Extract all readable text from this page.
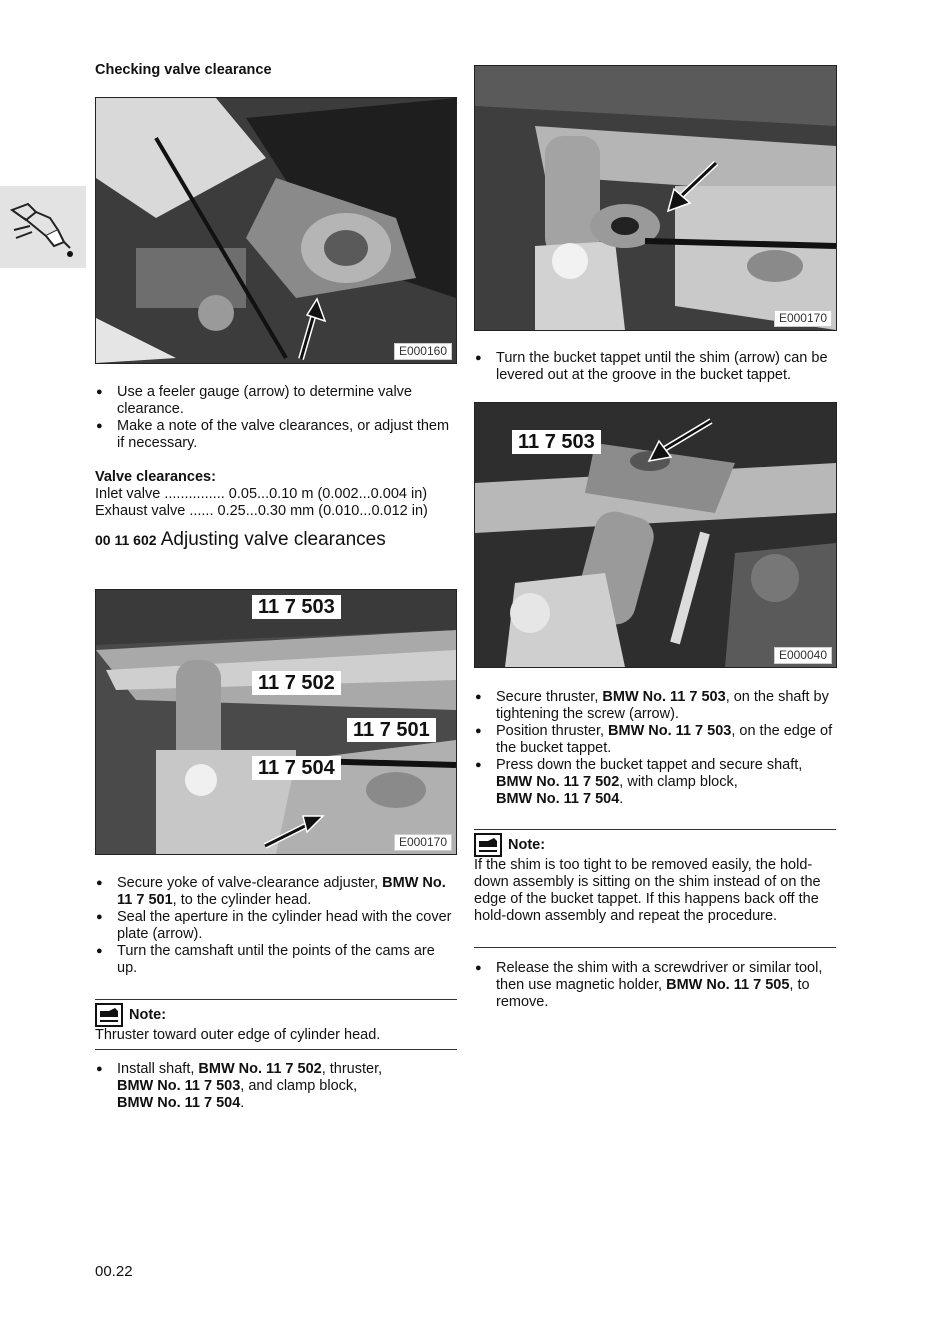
Checking valve clearance
E000160
● Use a feeler gauge (arrow) to determine valve clearance.
● Make a note of the valve clearances, or adjust them if necessary.
Valve clearances:
Inlet valve ............... 0.05...0.10 m (0.002...0.004 in)
Exhaust valve ...... 0.25...0.30 mm (0.010...0.012 in)
00 11 602 Adjusting valve clearances
11 7 503
11 7 502
11 7 501
11 7 504
E000170
● Secure yoke of valve-clearance adjuster, BMW No. 11 7 501, to the cylinder head.
● Seal the aperture in the cylinder head with the cover plate (arrow).
● Turn the camshaft until the points of the cams are up.
Note:
Thruster toward outer edge of cylinder head.
● Install shaft, BMW No. 11 7 502, thruster,
BMW No. 11 7 503, and clamp block,
BMW No. 11 7 504.
E000170
● Turn the bucket tappet until the shim (arrow) can be levered out at the groove in the bucket tappet.
11 7 503
E000040
● Secure thruster, BMW No. 11 7 503, on the shaft by tightening the screw (arrow).
● Position thruster, BMW No. 11 7 503, on the edge of the bucket tappet.
● Press down the bucket tappet and secure shaft,
BMW No. 11 7 502, with clamp block,
BMW No. 11 7 504.
Note:
If the shim is too tight to be removed easily, the hold-down assembly is sitting on the shim instead of on the edge of the bucket tappet. If this happens back off the hold-down assembly and repeat the procedure.
● Release the shim with a screwdriver or similar tool, then use magnetic holder, BMW No. 11 7 505, to remove.
00.22
